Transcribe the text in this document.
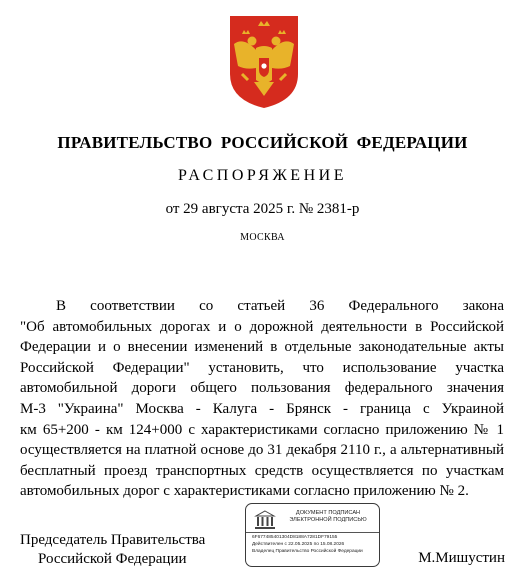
ПРАВИТЕЛЬСТВО РОССИЙСКОЙ ФЕДЕРАЦИИ
РАСПОРЯЖЕНИЕ
от 29 августа 2025 г. № 2381-р
МОСКВА
В соответствии со статьей 36 Федерального закона
"Об автомобильных дорогах и о дорожной деятельности в Российской
Федерации и о внесении изменений в отдельные законодательные акты
Российской Федерации" установить, что использование участка
автомобильной дороги общего пользования федерального значения
М-3 "Украина" Москва - Калуга - Брянск - граница с Украиной
км 65+200 - км 124+000 с характеристиками согласно приложению № 1
осуществляется на платной основе до 31 декабря 2110 г., а альтернативный
бесплатный проезд транспортных средств осуществляется по участкам
автомобильных дорог с характеристиками согласно приложению № 2.
Председатель Правительства
Российской Федерации
ДОКУМЕНТ ПОДПИСАН ЭЛЕКТРОННОЙ ПОДПИСЬЮ
6F677485401304D8188A7281DF79155
Действителен с 22.05.2025 по 15.08.2026
Владелец Правительство Российской Федерации	М.Мишустин
